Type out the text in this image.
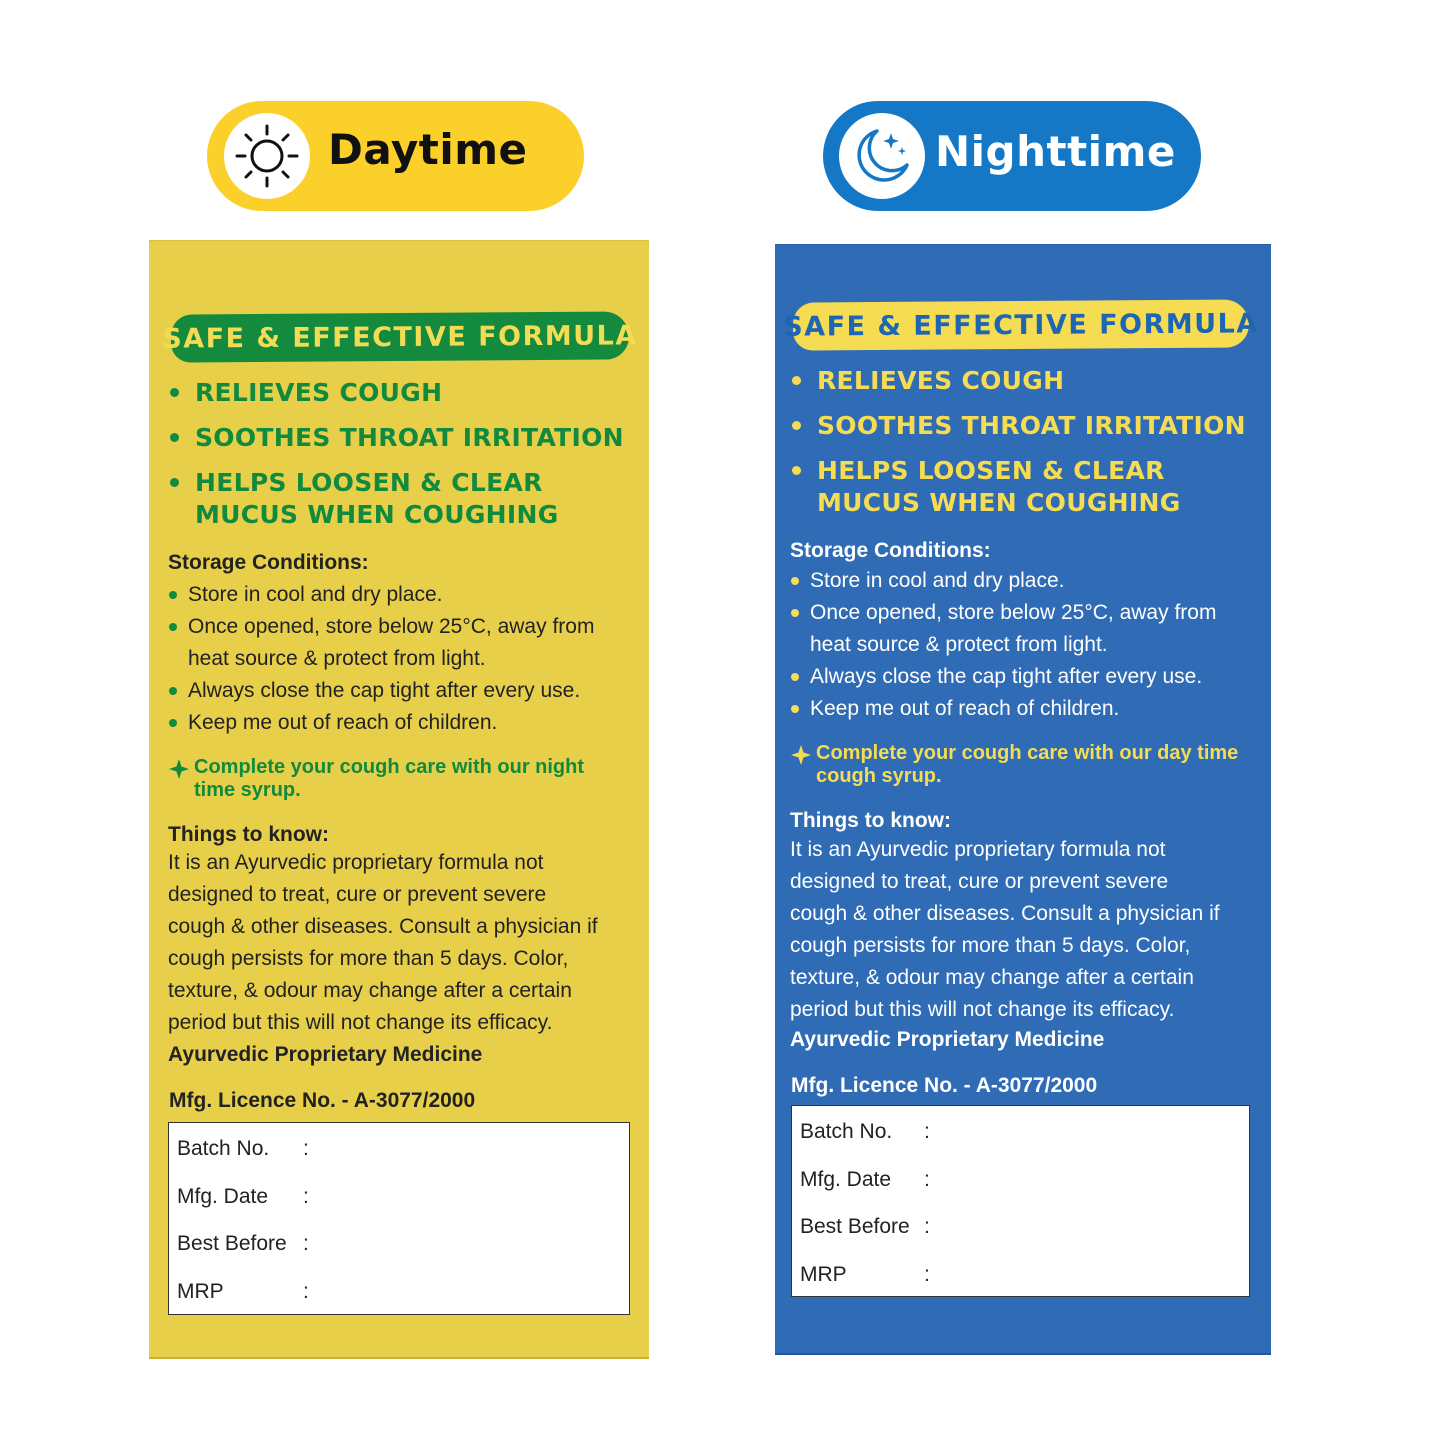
Daytime	Nighttime
SAFE & EFFECTIVE FORMULA
RELIEVES COUGH
SOOTHES THROAT IRRITATION
HELPS LOOSEN & CLEAR MUCUS WHEN COUGHING
Storage Conditions:
Store in cool and dry place.
Once opened, store below 25°C, away from heat source & protect from light.
Always close the cap tight after every use.
Keep me out of reach of children.
Complete your cough care with our night time syrup.
Things to know:
It is an Ayurvedic proprietary formula not designed to treat, cure or prevent severe cough & other diseases. Consult a physician if cough persists for more than 5 days. Color, texture, & odour may change after a certain period but this will not change its efficacy.
Ayurvedic Proprietary Medicine
Mfg. Licence No. - A-3077/2000
Batch No. :
Mfg. Date :
Best Before :
MRP	:
SAFE & EFFECTIVE FORMULA
RELIEVES COUGH
SOOTHES THROAT IRRITATION
HELPS LOOSEN & CLEAR MUCUS WHEN COUGHING
Storage Conditions:
Store in cool and dry place.
Once opened, store below 25°C, away from heat source & protect from light.
Always close the cap tight after every use.
Keep me out of reach of children.
Complete your cough care with our day time cough syrup.
Things to know:
It is an Ayurvedic proprietary formula not designed to treat, cure or prevent severe cough & other diseases. Consult a physician if cough persists for more than 5 days. Color, texture, & odour may change after a certain period but this will not change its efficacy.
Ayurvedic Proprietary Medicine
Mfg. Licence No. - A-3077/2000
Batch No. :
Mfg. Date :
Best Before :
MRP	:
